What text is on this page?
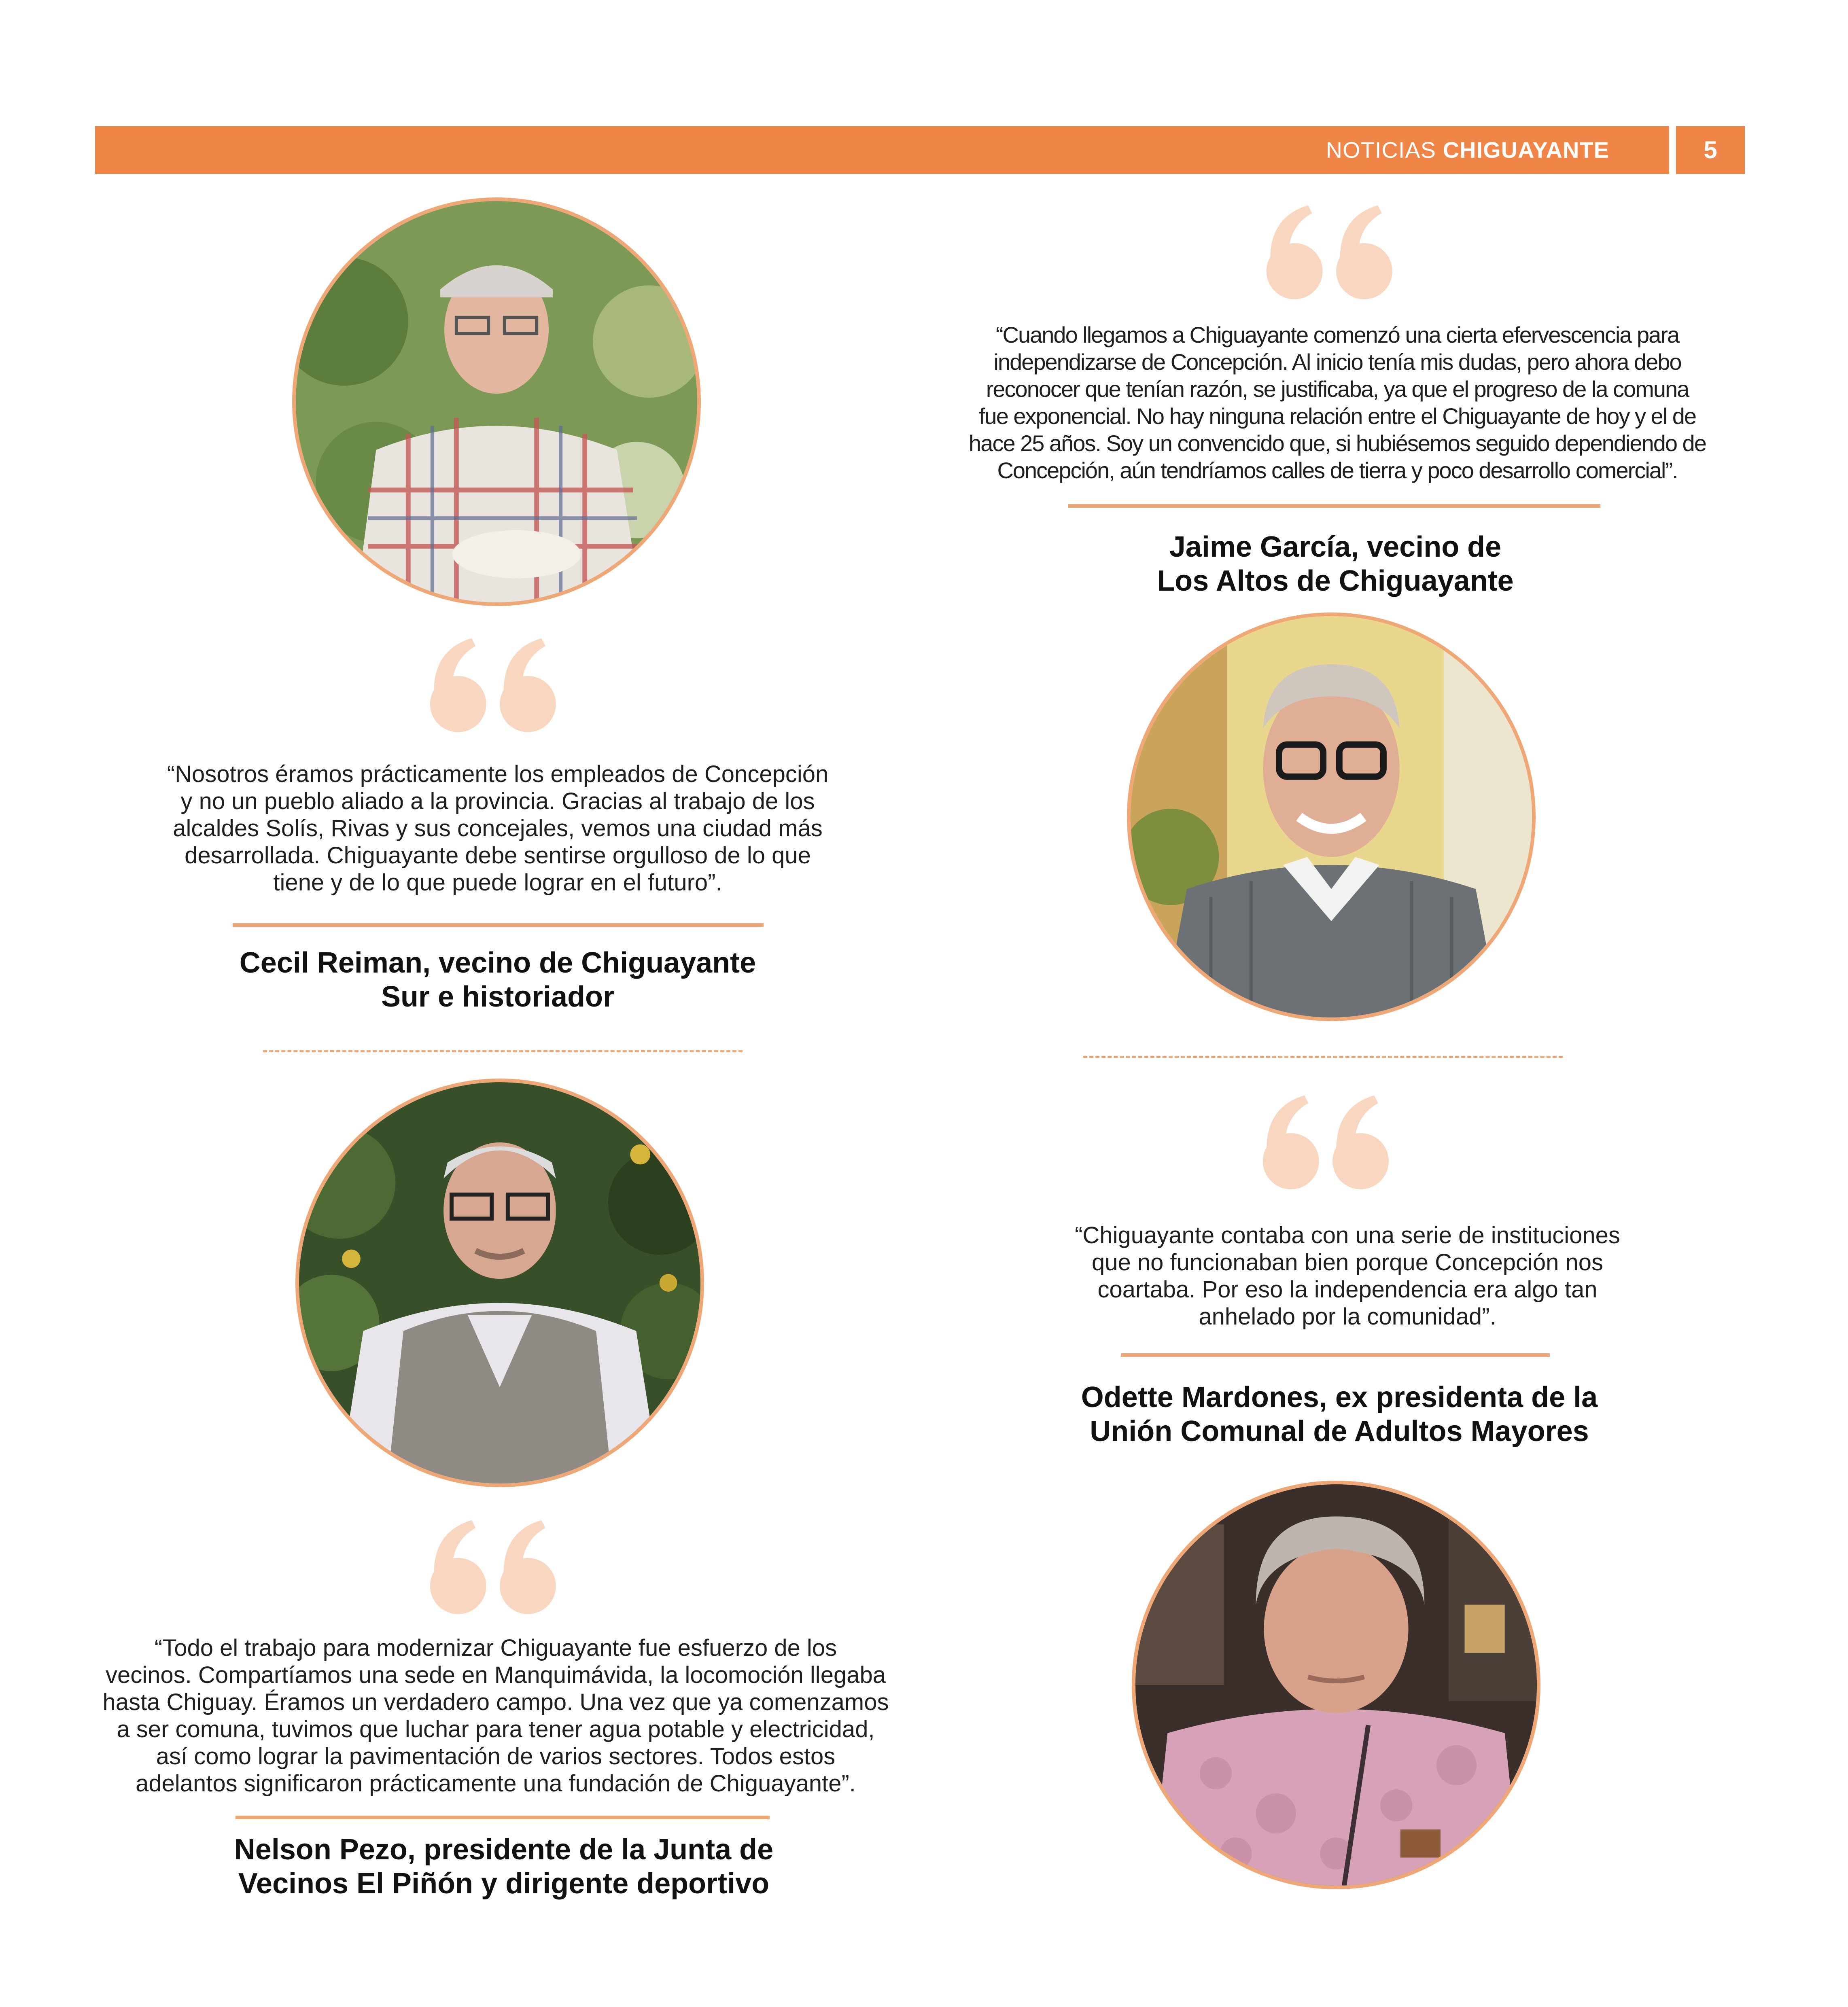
NOTICIAS CHIGUAYANTE	5
“Nosotros éramos prácticamente los empleados de Concepción
y no un pueblo aliado a la provincia. Gracias al trabajo de los
alcaldes Solís, Rivas y sus concejales, vemos una ciudad más
desarrollada. Chiguayante debe sentirse orgulloso de lo que
tiene y de lo que puede lograr en el futuro”.
Cecil Reiman, vecino de Chiguayante
Sur e historiador
“Todo el trabajo para modernizar Chiguayante fue esfuerzo de los
vecinos. Compartíamos una sede en Manquimávida, la locomoción llegaba
hasta Chiguay. Éramos un verdadero campo. Una vez que ya comenzamos
a ser comuna, tuvimos que luchar para tener agua potable y electricidad,
así como lograr la pavimentación de varios sectores. Todos estos
adelantos significaron prácticamente una fundación de Chiguayante”.
Nelson Pezo, presidente de la Junta de
Vecinos El Piñón y dirigente deportivo
“Cuando llegamos a Chiguayante comenzó una cierta efervescencia para
independizarse de Concepción. Al inicio tenía mis dudas, pero ahora debo
reconocer que tenían razón, se justificaba, ya que el progreso de la comuna
fue exponencial. No hay ninguna relación entre el Chiguayante de hoy y el de
hace 25 años. Soy un convencido que, si hubiésemos seguido dependiendo de
Concepción, aún tendríamos calles de tierra y poco desarrollo comercial”.
Jaime García, vecino de
Los Altos de Chiguayante
“Chiguayante contaba con una serie de instituciones
que no funcionaban bien porque Concepción nos
coartaba. Por eso la independencia era algo tan
anhelado por la comunidad”.
Odette Mardones, ex presidenta de la
Unión Comunal de Adultos Mayores
